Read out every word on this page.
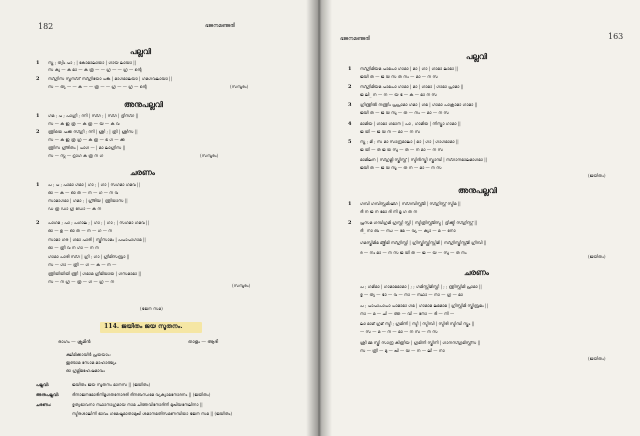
182	ഭജനമഞ്ജരി
പല്ലവി
1 സ്ത ; ത്വിം പാ ; | കോമാലായാ | ഗായ ലായാ ||
സ ക്യ — ക മാ — ക ത്ര — — ഗ്ര — — ഗ്ര — ന്റെ
2 സ്ഗ്രിസ സ്തസ്ഗ് സ്ഗ്രിയോ പങ്ക | മാഗമാലയാ | ഗമഗവലായാ ||
സ — ത്യ — — ക — — ത്ര — — ഗ്ര — — ഗ്ര — ന്റെ	(സമ്പൂരം)
അനുപല്ലവി
1 ഗമ ; പ ; പാഗ്രി ; ന്നി | സ്ഗ ; | സ്ഗ | ദ്രിസ്ഗ ||
സ — ക ഇ ത്ര — ക ത്ര — യ — ക വ
2 ന്ത്രിയെ പക്ക സ്ഗ്രി ; ന്നി | ശ്രി ; | ത്രി | ശ്രീസ ||
സ — ക ഇ ത്ര ഗ്ര — ക ത്ര — ഭ ഗ — ക്ക
ന്ത്രിസ ഗ്ര്രിതം | പാഗ — | മാ ലാഗ്രിസ ||
സ — സ്ന — ദ്രാഗ ക ത്ര ന ഗ	(സമ്പൂരം)
ചരണം
1 പ ; പ ; പാമാ ഗമാ | ഗാ ; | ഗാ | സഗമാ ഗമവ ||
ഓ — ക — ഓ ത — ന — ഗ — ന വ
സാമാഗമാ | ഗമാ ; | ഗ്ര്രിയ | ന്ത്രിയാസ ||
ഡ ത്ര ഡാ ഗ്ര ഡോ — ക ന
2 പാഗമ ; പാ ; പഗാല ; | ഗാ ; | ഗാ ; | സഗമാ ഗമവ ||
ഓ — ഉ — ഓ ത — ന — ഗ — ന
സാമാ ഗര | ഗമാ പാരി | സ്ത്രിസാമം | പപാപാഗാമ ||
ഓ — ത്രീ വ ന ഗാ — ന ന
ഗാമാ പാരി സ്ഗ | ഗ്രി ; ഗാ | ഗ്രീമിസമ്പ്രാ ||
സ — ഗാ — ത്രീ — ഗ — ക — ന —
ന്ത്രിയിയിയി ന്ത്രി | ഗമാമ ഗ്രീമിയായ | ഗസമാമാ ||
സ — ന ഗ്ര — ത്ര — ഗ — ഗ്ര — ന
(സമ്പൂരം)
(ഭജന സമ)
114. ജയിതം ജയ സൂതനം.
രാഗം — ക്രുമിൻ	താളം — ആദി
ക്ഷീമിക്കായിർ പ്രയയാം:
ഇണ്ടാമ സോമ മാഹാത്മ്യം
ഓ ഗ്രമ്ലിമഹേഷമാവം
പല്ലവി:	ജയിതം ജയ സൂതനം മാനസ || (ജയിതം)
അനുപല്ലവി:	ദീനാജനമോദിനിമൃഗതനോദരി ദീനബന്ധമേ വ്യക്യാമനോദനം || (ജയിതം)
ചരണം:	ഭൃത്യഭാവനാ സ്ഥാനാഗ്രമായ നാമ ചിത്തവിനോദിനി മുഖിയനേലീനാ ||
സ്മിരശാലിനി ഭാവം ഗമേഷ്ടമാതാമുഖി ശമാനമതിസമണമ്പിയാ ഭജന സമ || (ജയിതം)
ഭജനമഞ്ജരി	163
പല്ലവി
1 സ്ഗ്രിമിയമ പാമപാ ഗാമാ | മാ | ഗാ | ഗാമാ ലാമാ ||
ജയി ത — ജ യ സ ത നം — മാ — ന സ
2 സ്ഗ്രിമിയമ പാമപാ ഗാമാ | മാ | ഗാമാ | ഗാമാ പ്രാമാ ||
ജ ലി_ ന — ന — യ ഭ — ക — മാ ന സ
3 ഗ്രിന്ത്രിൽ നന്ത്രിം പ്രപ്രാമാ ഗമാ | ഗമ | ഗാമാ പാക്രാമാ ഗാമാ ||
ജയി ത — ജ യ സു — ത — നം — മാ — ന സ
4 മാമിയ | ഗാമാ ഗമാന | പാ , ഗാമിയ | നിസ്ത്രാ ഗാമാ ||
ജ യി — ജ യ ന — മാ — ന സ
5 സ്ത ; മി ; സ മാ സാന്ദ്രമാലാ | മാ | ഗാ | ഗാഗമാമാ ||
ജ യി — ത ജ യ സു — ത — ന മാ — ന സ
മാമിലന | സ്ഗ്രമ്ലി സ്ത്രീസ്റ്റ് | സ്മിൻസ്ത്രി സ്ത്രാമ്പി | സ്ഗാനമാലമാഗമാ ||
ജയി ത — ജ യ സൂ — ത ന — മാ — ന സ
(ജയിതം)
അനുപല്ലവി
1 ഗമ്പി ഗമ്പിസ്റ്റമിഷ്ഗ | സ്ഗമ്പിസ്റ്റ്മി | സ്ഗ്രിസ്റ്റ് സ്മിമ ||
ദീ ന ജ ന മോ ദി നി മൃ ഗ ത ന
2 പ്രസമ ഗമ്പിഗ്രമി ഗ്രസ്റ്റി സ്റ്റി | സ്മിത്രിസ്റ്റ്മിസ്മ | ദ്രിക്ക്മി സ്ഗ്രിസ്റ്റ് ||
ദീ_ നാ ബ — ന്ധ — മേ — വ്യ — ക്യാ — മ — നോ
ഗമസ്ത്രിമിമ മ്ദ്ഗ്രിമി സ്ഗ്രിസ്റ്റി | ഗ്രിസ്ത്രിസ്റ്റ്രിസ്റ്റിമി | സ്ഗ്രിസ്ത്രിസ്റ്റ്മി ഗ്രീമ്പി ||
ദ — നം മാ — ന സ ജ യി ത — ജ — യ — സു — ത നം
(ജയിതം)
ചരണം
പ ; ഗമിമാ | ഗാമാമമാമാ | ; ; ഗമിസ്റ്റിമിസ്റ്റി | ; ; ന്ത്രിസ്റ്റിമി പ്രാമാ ||
ഭൃ — ത്യ — ഭാ — വ — നാ — സ്ഥാ — നാ — ഗ്ര — മാ
പ ; പാപാപാപാ പാമാമാ ഗമ | ഗാമാമ ലമമാമ | ഗ്രിസ്റ്റിമി സ്ത്രിമ്പ്രമം ||
നാ — മ — ചി — ത്ത — വി — നോ — ദി — നി —
ലാ മാമ് ഗ്രമ് സ്മി ; ഗ്രമിനി | സ്മി | സ്മിമ്പി | സ്മിരി സ്മിമ്പി സ്ത്രം ||
— സ — മ — ന — മാ — ന സ — ന സ
ശ്രീ മ്മ സ്ത്രി സാന്ദ്ര കിത്രിയ | ഗ്രമിനി സ്ത്രീനി | ഗാനസ്ഗ്രമിസ്റ്റ്സ ||
സ — ത്രീ — മു — ഖി — യ — ന — ലീ — നാ
(ജയിതം)
